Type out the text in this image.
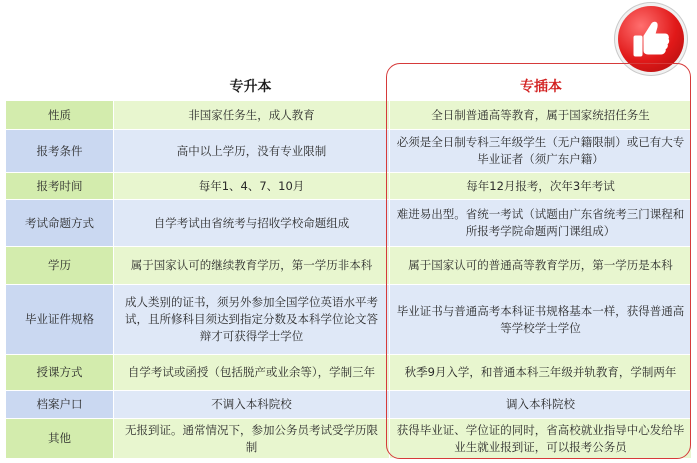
专升本	专插本
性质	非国家任务生，成人教育	全日制普通高等教育，属于国家统招任务生
报考条件	高中以上学历，没有专业限制	必须是全日制专科三年级学生（无户籍限制）或已有大专毕业证者（须广东户籍）
报考时间	每年1、4、7、10月	每年12月报考，次年3年考试
考试命题方式	自学考试由省统考与招收学校命题组成	难进易出型。省统一考试（试题由广东省统考三门课程和所报考学院命题两门课组成）
学历	属于国家认可的继续教育学历，第一学历非本科	属于国家认可的普通高等教育学历，第一学历是本科
毕业证件规格	成人类别的证书，须另外参加全国学位英语水平考试，且所修科目须达到指定分数及本科学位论文答辩才可获得学士学位	毕业证书与普通高考本科证书规格基本一样，获得普通高等学校学士学位
授课方式	自学考试或函授（包括脱产或业余等），学制三年	秋季9月入学，和普通本科三年级并轨教育，学制两年
档案户口	不调入本科院校	调入本科院校
其他	无报到证。通常情况下，参加公务员考试受学历限制	获得毕业证、学位证的同时，省高校就业指导中心发给毕业生就业报到证，可以报考公务员
